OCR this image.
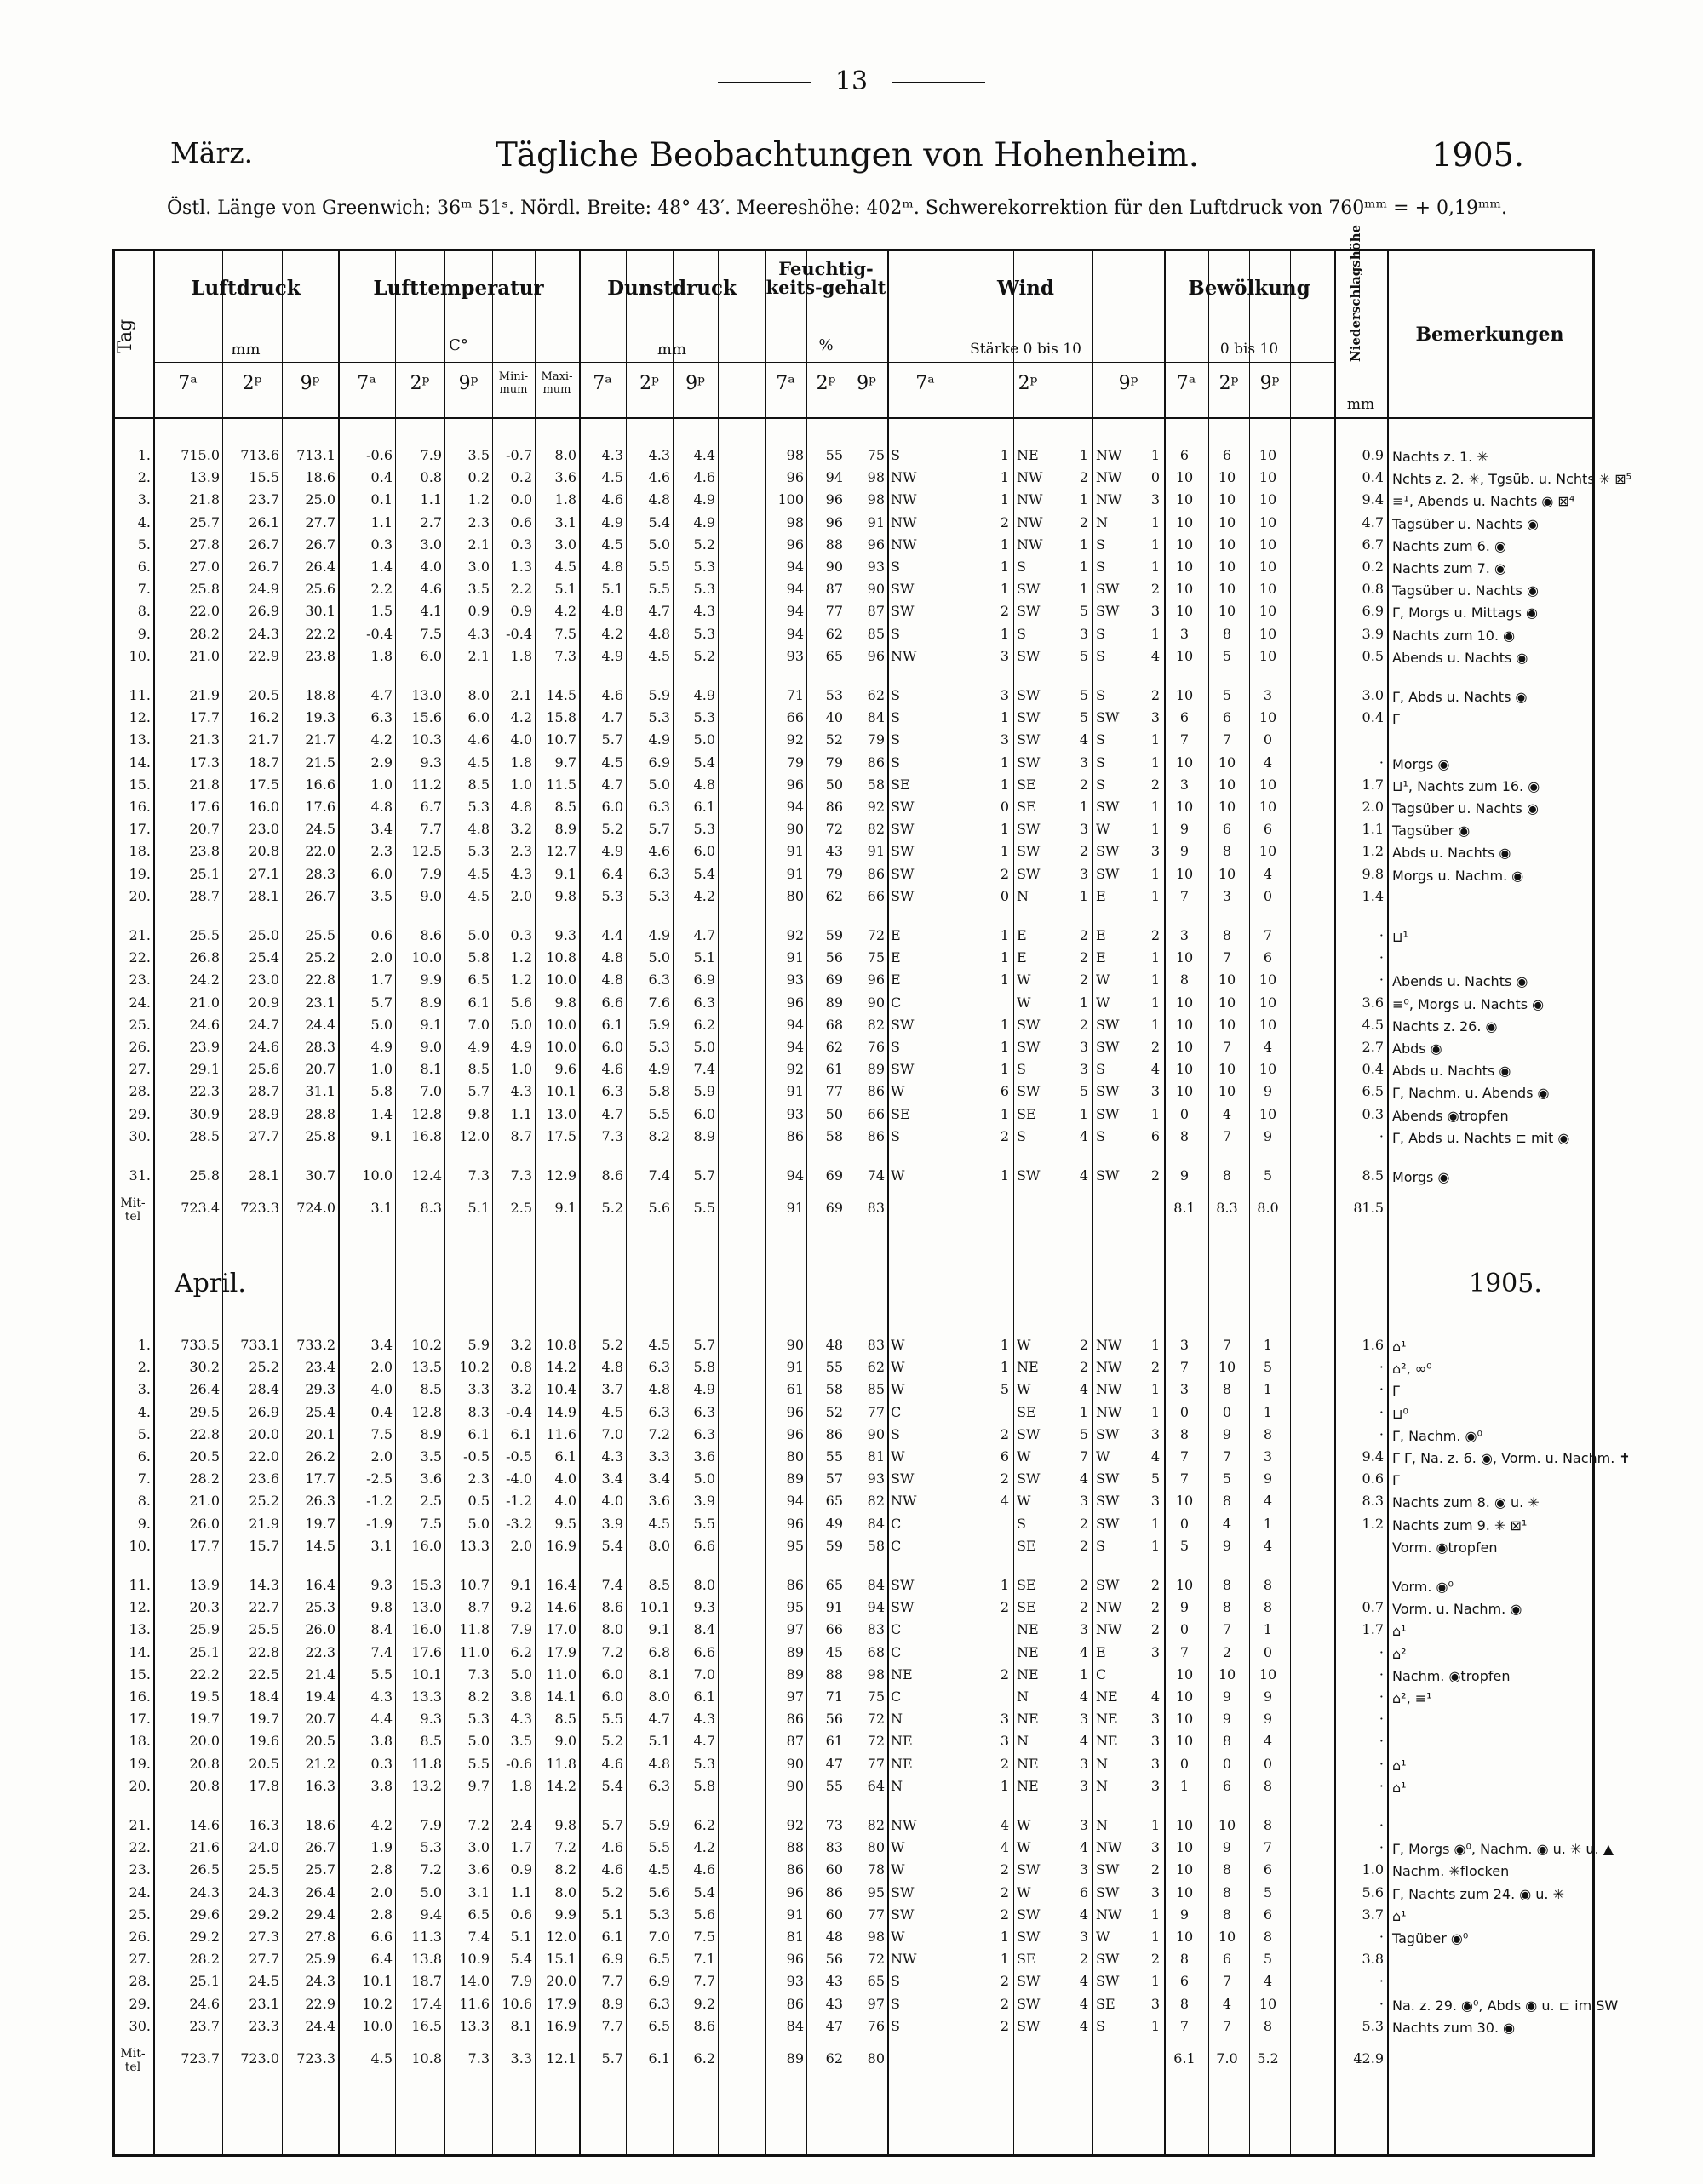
13
März.	Tägliche Beobachtungen von Hohenheim.	1905.
Östl. Länge von Greenwich: 36ᵐ 51ˢ. Nördl. Breite: 48° 43′. Meereshöhe: 402ᵐ. Schwerekorrektion für den Luftdruck von 760ᵐᵐ = + 0,19ᵐᵐ.
Tag
Luftdruck
mm
Lufttemperatur
C°
Dunstdruck
mm
Feuchtig-keits-gehalt
%
Wind
Stärke 0 bis 10
Bewölkung
0 bis 10	Niederschlagshöhe
mm
Bemerkungen
7ᵃ	2ᵖ	9ᵖ	7ᵃ	2ᵖ	9ᵖ	Mini-mum
Maxi-mum	7ᵃ	2ᵖ	9ᵖ	7ᵃ	2ᵖ	9ᵖ	7ᵃ	2ᵖ	9ᵖ	7ᵃ	2ᵖ	9ᵖ
1.	715.0	713.6	713.1	-0.6	7.9	3.5	-0.7	8.0	4.3	4.3	4.4	98	55	75 S	1 NE	1 NW	1	6	6	10	0.9 Nachts z. 1. ✳
2.	13.9	15.5	18.6	0.4	0.8	0.2	0.2	3.6	4.5	4.6	4.6	96	94	98 NW	1 NW	2 NW	0	10	10	10	0.4 Nchts z. 2. ✳, Tgsüb. u. Nchts ✳ ⊠⁵
3.	21.8	23.7	25.0	0.1	1.1	1.2	0.0	1.8	4.6	4.8	4.9	100	96	98 NW	1 NW	1 NW	3	10	10	10	9.4 ≡¹, Abends u. Nachts ◉ ⊠⁴
4.	25.7	26.1	27.7	1.1	2.7	2.3	0.6	3.1	4.9	5.4	4.9	98	96	91 NW	2 NW	2 N	1	10	10	10	4.7 Tagsüber u. Nachts ◉
5.	27.8	26.7	26.7	0.3	3.0	2.1	0.3	3.0	4.5	5.0	5.2	96	88	96 NW	1 NW	1 S	1	10	10	10	6.7 Nachts zum 6. ◉
6.	27.0	26.7	26.4	1.4	4.0	3.0	1.3	4.5	4.8	5.5	5.3	94	90	93 S	1 S	1 S	1	10	10	10	0.2 Nachts zum 7. ◉
7.	25.8	24.9	25.6	2.2	4.6	3.5	2.2	5.1	5.1	5.5	5.3	94	87	90 SW	1 SW	1 SW	2	10	10	10	0.8 Tagsüber u. Nachts ◉
8.	22.0	26.9	30.1	1.5	4.1	0.9	0.9	4.2	4.8	4.7	4.3	94	77	87 SW	2 SW	5 SW	3	10	10	10	6.9 Γ, Morgs u. Mittags ◉
9.	28.2	24.3	22.2	-0.4	7.5	4.3	-0.4	7.5	4.2	4.8	5.3	94	62	85 S	1 S	3 S	1	3	8	10	3.9 Nachts zum 10. ◉
10.	21.0	22.9	23.8	1.8	6.0	2.1	1.8	7.3	4.9	4.5	5.2	93	65	96 NW	3 SW	5 S	4	10	5	10	0.5 Abends u. Nachts ◉
11.	21.9	20.5	18.8	4.7	13.0	8.0	2.1	14.5	4.6	5.9	4.9	71	53	62 S	3 SW	5 S	2	10	5	3	3.0 Γ, Abds u. Nachts ◉
12.	17.7	16.2	19.3	6.3	15.6	6.0	4.2	15.8	4.7	5.3	5.3	66	40	84 S	1 SW	5 SW	3	6	6	10	0.4 Γ
13.	21.3	21.7	21.7	4.2	10.3	4.6	4.0	10.7	5.7	4.9	5.0	92	52	79 S	3 SW	4 S	1	7	7	0
14.	17.3	18.7	21.5	2.9	9.3	4.5	1.8	9.7	4.5	6.9	5.4	79	79	86 S	1 SW	3 S	1	10	10	4	· Morgs ◉
15.	21.8	17.5	16.6	1.0	11.2	8.5	1.0	11.5	4.7	5.0	4.8	96	50	58 SE	1 SE	2 S	2	3	10	10	1.7 ⊔¹, Nachts zum 16. ◉
16.	17.6	16.0	17.6	4.8	6.7	5.3	4.8	8.5	6.0	6.3	6.1	94	86	92 SW	0 SE	1 SW	1	10	10	10	2.0 Tagsüber u. Nachts ◉
17.	20.7	23.0	24.5	3.4	7.7	4.8	3.2	8.9	5.2	5.7	5.3	90	72	82 SW	1 SW	3 W	1	9	6	6	1.1 Tagsüber ◉
18.	23.8	20.8	22.0	2.3	12.5	5.3	2.3	12.7	4.9	4.6	6.0	91	43	91 SW	1 SW	2 SW	3	9	8	10	1.2 Abds u. Nachts ◉
19.	25.1	27.1	28.3	6.0	7.9	4.5	4.3	9.1	6.4	6.3	5.4	91	79	86 SW	2 SW	3 SW	1	10	10	4	9.8 Morgs u. Nachm. ◉
20.	28.7	28.1	26.7	3.5	9.0	4.5	2.0	9.8	5.3	5.3	4.2	80	62	66 SW	0 N	1 E	1	7	3	0	1.4
21.	25.5	25.0	25.5	0.6	8.6	5.0	0.3	9.3	4.4	4.9	4.7	92	59	72 E	1 E	2 E	2	3	8	7	· ⊔¹
22.	26.8	25.4	25.2	2.0	10.0	5.8	1.2	10.8	4.8	5.0	5.1	91	56	75 E	1 E	2 E	1	10	7	6	·
23.	24.2	23.0	22.8	1.7	9.9	6.5	1.2	10.0	4.8	6.3	6.9	93	69	96 E	1 W	2 W	1	8	10	10	· Abends u. Nachts ◉
24.	21.0	20.9	23.1	5.7	8.9	6.1	5.6	9.8	6.6	7.6	6.3	96	89	90 C	W	1 W	1	10	10	10	3.6 ≡⁰, Morgs u. Nachts ◉
25.	24.6	24.7	24.4	5.0	9.1	7.0	5.0	10.0	6.1	5.9	6.2	94	68	82 SW	1 SW	2 SW	1	10	10	10	4.5 Nachts z. 26. ◉
26.	23.9	24.6	28.3	4.9	9.0	4.9	4.9	10.0	6.0	5.3	5.0	94	62	76 S	1 SW	3 SW	2	10	7	4	2.7 Abds ◉
27.	29.1	25.6	20.7	1.0	8.1	8.5	1.0	9.6	4.6	4.9	7.4	92	61	89 SW	1 S	3 S	4	10	10	10	0.4 Abds u. Nachts ◉
28.	22.3	28.7	31.1	5.8	7.0	5.7	4.3	10.1	6.3	5.8	5.9	91	77	86 W	6 SW	5 SW	3	10	10	9	6.5 Γ, Nachm. u. Abends ◉
29.	30.9	28.9	28.8	1.4	12.8	9.8	1.1	13.0	4.7	5.5	6.0	93	50	66 SE	1 SE	1 SW	1	0	4	10	0.3 Abends ◉tropfen
30.	28.5	27.7	25.8	9.1	16.8	12.0	8.7	17.5	7.3	8.2	8.9	86	58	86 S	2 S	4 S	6	8	7	9	· Γ, Abds u. Nachts ⊏ mit ◉
31.	25.8	28.1	30.7	10.0	12.4	7.3	7.3	12.9	8.6	7.4	5.7	94	69	74 W	1 SW	4 SW	2	9	8	5	8.5 Morgs ◉
Mit-
tel
723.4	723.3	724.0	3.1	8.3	5.1	2.5	9.1	5.2	5.6	5.5	91	69	83	8.1	8.3	8.0	81.5
April.	1905.
1.	733.5	733.1	733.2	3.4	10.2	5.9	3.2	10.8	5.2	4.5	5.7	90	48	83 W	1 W	2 NW	1	3	7	1	1.6 ⌂¹
2.	30.2	25.2	23.4	2.0	13.5	10.2	0.8	14.2	4.8	6.3	5.8	91	55	62 W	1 NE	2 NW	2	7	10	5	· ⌂², ∞⁰
3.	26.4	28.4	29.3	4.0	8.5	3.3	3.2	10.4	3.7	4.8	4.9	61	58	85 W	5 W	4 NW	1	3	8	1	· Γ
4.	29.5	26.9	25.4	0.4	12.8	8.3	-0.4	14.9	4.5	6.3	6.3	96	52	77 C	SE	1 NW	1	0	0	1	· ⊔⁰
5.	22.8	20.0	20.1	7.5	8.9	6.1	6.1	11.6	7.0	7.2	6.3	96	86	90 S	2 SW	5 SW	3	8	9	8	· Γ, Nachm. ◉⁰
6.	20.5	22.0	26.2	2.0	3.5	-0.5	-0.5	6.1	4.3	3.3	3.6	80	55	81 W	6 W	7 W	4	7	7	3	9.4 Γ Γ, Na. z. 6. ◉, Vorm. u. Nachm. ✝
7.	28.2	23.6	17.7	-2.5	3.6	2.3	-4.0	4.0	3.4	3.4	5.0	89	57	93 SW	2 SW	4 SW	5	7	5	9	0.6 Γ
8.	21.0	25.2	26.3	-1.2	2.5	0.5	-1.2	4.0	4.0	3.6	3.9	94	65	82 NW	4 W	3 SW	3	10	8	4	8.3 Nachts zum 8. ◉ u. ✳
9.	26.0	21.9	19.7	-1.9	7.5	5.0	-3.2	9.5	3.9	4.5	5.5	96	49	84 C	S	2 SW	1	0	4	1	1.2 Nachts zum 9. ✳ ⊠¹
10.	17.7	15.7	14.5	3.1	16.0	13.3	2.0	16.9	5.4	8.0	6.6	95	59	58 C	SE	2 S	1	5	9	4	Vorm. ◉tropfen
11.	13.9	14.3	16.4	9.3	15.3	10.7	9.1	16.4	7.4	8.5	8.0	86	65	84 SW	1 SE	2 SW	2	10	8	8	Vorm. ◉⁰
12.	20.3	22.7	25.3	9.8	13.0	8.7	9.2	14.6	8.6	10.1	9.3	95	91	94 SW	2 SE	2 NW	2	9	8	8	0.7 Vorm. u. Nachm. ◉
13.	25.9	25.5	26.0	8.4	16.0	11.8	7.9	17.0	8.0	9.1	8.4	97	66	83 C	NE	3 NW	2	0	7	1	1.7 ⌂¹
14.	25.1	22.8	22.3	7.4	17.6	11.0	6.2	17.9	7.2	6.8	6.6	89	45	68 C	NE	4 E	3	7	2	0	· ⌂²
15.	22.2	22.5	21.4	5.5	10.1	7.3	5.0	11.0	6.0	8.1	7.0	89	88	98 NE	2 NE	1 C	10	10	10	· Nachm. ◉tropfen
16.	19.5	18.4	19.4	4.3	13.3	8.2	3.8	14.1	6.0	8.0	6.1	97	71	75 C	N	4 NE	4	10	9	9	· ⌂², ≡¹
17.	19.7	19.7	20.7	4.4	9.3	5.3	4.3	8.5	5.5	4.7	4.3	86	56	72 N	3 NE	3 NE	3	10	9	9	·
18.	20.0	19.6	20.5	3.8	8.5	5.0	3.5	9.0	5.2	5.1	4.7	87	61	72 NE	3 N	4 NE	3	10	8	4	·
19.	20.8	20.5	21.2	0.3	11.8	5.5	-0.6	11.8	4.6	4.8	5.3	90	47	77 NE	2 NE	3 N	3	0	0	0	· ⌂¹
20.	20.8	17.8	16.3	3.8	13.2	9.7	1.8	14.2	5.4	6.3	5.8	90	55	64 N	1 NE	3 N	3	1	6	8	· ⌂¹
21.	14.6	16.3	18.6	4.2	7.9	7.2	2.4	9.8	5.7	5.9	6.2	92	73	82 NW	4 W	3 N	1	10	10	8	·
22.	21.6	24.0	26.7	1.9	5.3	3.0	1.7	7.2	4.6	5.5	4.2	88	83	80 W	4 W	4 NW	3	10	9	7	· Γ, Morgs ◉⁰, Nachm. ◉ u. ✳ u. ▲
23.	26.5	25.5	25.7	2.8	7.2	3.6	0.9	8.2	4.6	4.5	4.6	86	60	78 W	2 SW	3 SW	2	10	8	6	1.0 Nachm. ✳flocken
24.	24.3	24.3	26.4	2.0	5.0	3.1	1.1	8.0	5.2	5.6	5.4	96	86	95 SW	2 W	6 SW	3	10	8	5	5.6 Γ, Nachts zum 24. ◉ u. ✳
25.	29.6	29.2	29.4	2.8	9.4	6.5	0.6	9.9	5.1	5.3	5.6	91	60	77 SW	2 SW	4 NW	1	9	8	6	3.7 ⌂¹
26.	29.2	27.3	27.8	6.6	11.3	7.4	5.1	12.0	6.1	7.0	7.5	81	48	98 W	1 SW	3 W	1	10	10	8	· Tagüber ◉⁰
27.	28.2	27.7	25.9	6.4	13.8	10.9	5.4	15.1	6.9	6.5	7.1	96	56	72 NW	1 SE	2 SW	2	8	6	5	3.8
28.	25.1	24.5	24.3	10.1	18.7	14.0	7.9	20.0	7.7	6.9	7.7	93	43	65 S	2 SW	4 SW	1	6	7	4	·
29.	24.6	23.1	22.9	10.2	17.4	11.6 10.6	17.9	8.9	6.3	9.2	86	43	97 S	2 SW	4 SE	3	8	4	10	· Na. z. 29. ◉⁰, Abds ◉ u. ⊏ im SW
30.	23.7	23.3	24.4	10.0	16.5	13.3	8.1	16.9	7.7	6.5	8.6	84	47	76 S	2 SW	4 S	1	7	7	8	5.3 Nachts zum 30. ◉
Mit-
tel
723.7	723.0	723.3	4.5	10.8	7.3	3.3	12.1	5.7	6.1	6.2	89	62	80	6.1	7.0	5.2	42.9
